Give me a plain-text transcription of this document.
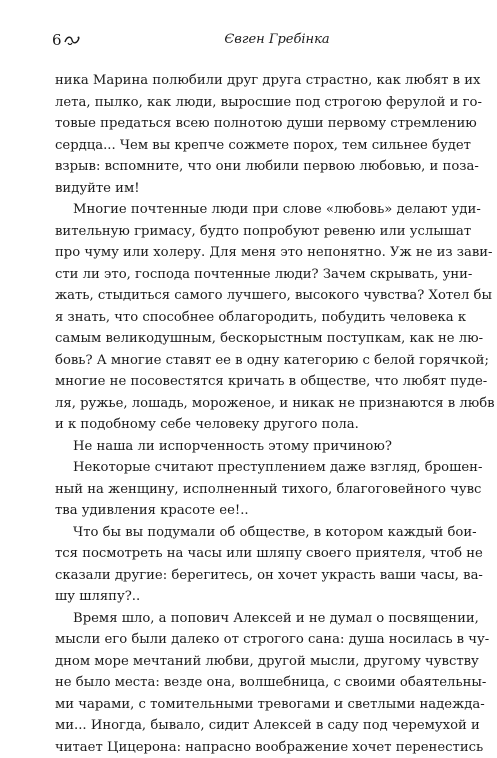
6	Євген Гребінка
ника Марина полюбили друг друга страстно, как любят в их
лета, пылко, как люди, выросшие под строгою ферулой и го-
товые предаться всею полнотою души первому стремлению
сердца... Чем вы крепче сожмете порох, тем сильнее будет
взрыв: вспомните, что они любили первою любовью, и поза-
видуйте им!
Многие почтенные люди при слове «любовь» делают уди-
вительную гримасу, будто попробуют ревеню или услышат
про чуму или холеру. Для меня это непонятно. Уж не из зави-
сти ли это, господа почтенные люди? Зачем скрывать, уни-
жать, стыдиться самого лучшего, высокого чувства? Хотел бы
я знать, что способнее облагородить, побудить человека к
самым великодушным, бескорыстным поступкам, как не лю-
бовь? А многие ставят ее в одну категорию с белой горячкой;
многие не посовестятся кричать в обществе, что любят пуде-
ля, ружье, лошадь, мороженое, и никак не признаются в любв
и к подобному себе человеку другого пола.
Не наша ли испорченность этому причиною?
Некоторые считают преступлением даже взгляд, брошен-
ный на женщину, исполненный тихого, благоговейного чувс
тва удивления красоте ее!..
Что бы вы подумали об обществе, в котором каждый бои-
тся посмотреть на часы или шляпу своего приятеля, чтоб не
сказали другие: берегитесь, он хочет украсть ваши часы, ва-
шу шляпу?..
Время шло, а попович Алексей и не думал о посвящении,
мысли его были далеко от строгого сана: душа носилась в чу-
дном море мечтаний любви, другой мысли, другому чувству
не было места: везде она, волшебница, с своими обаятельны-
ми чарами, с томительными тревогами и светлыми надежда-
ми... Иногда, бывало, сидит Алексей в саду под черемухой и
читает Цицерона: напрасно воображение хочет перенестись
